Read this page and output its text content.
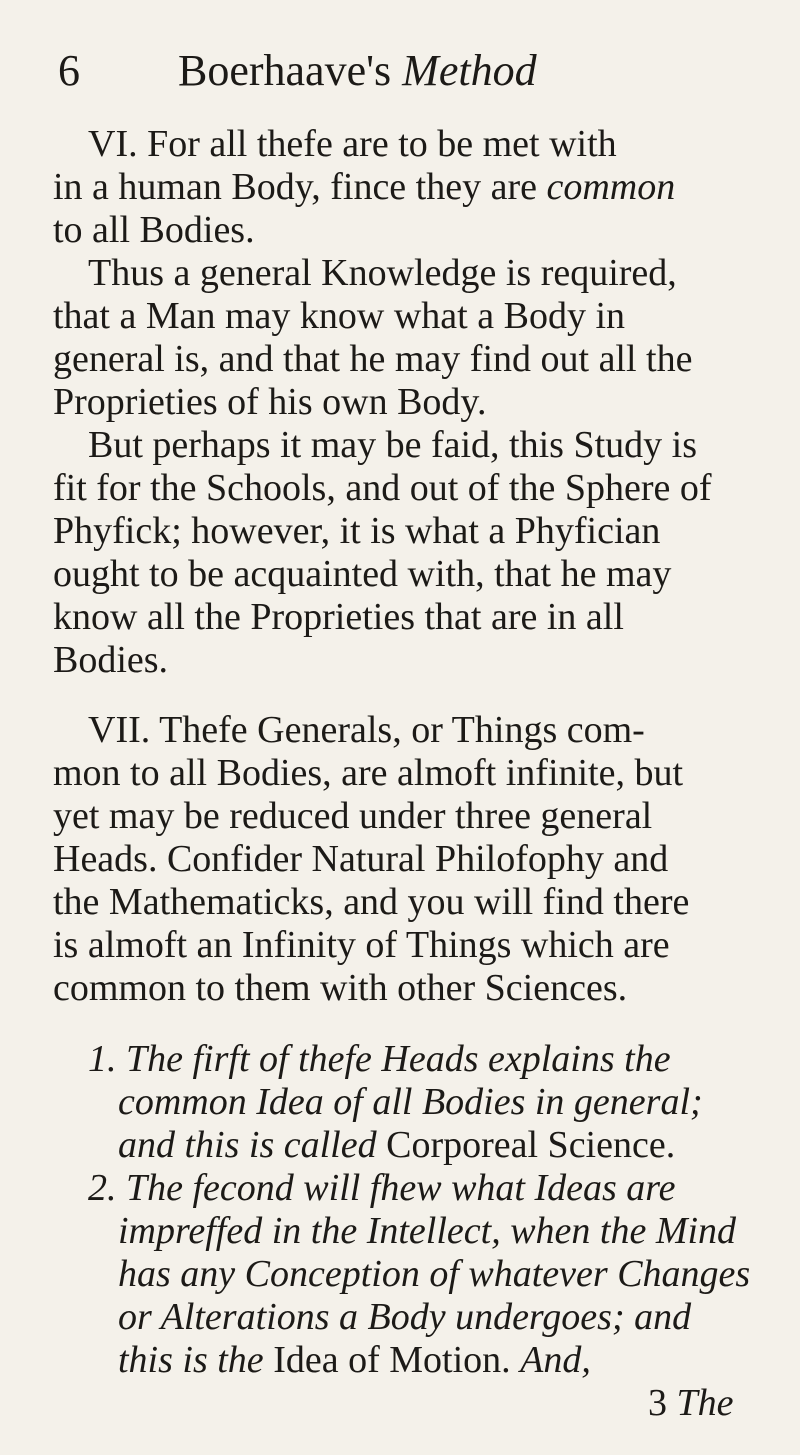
6 Boerhaave's Method
VI. For all thefe are to be met with
in a human Body, fince they are common
to all Bodies.
Thus a general Knowledge is required,
that a Man may know what a Body in
general is, and that he may find out all the
Proprieties of his own Body.
But perhaps it may be faid, this Study is
fit for the Schools, and out of the Sphere of
Phyfick; however, it is what a Phyfician
ought to be acquainted with, that he may
know all the Proprieties that are in all
Bodies.
VII. Thefe Generals, or Things com-
mon to all Bodies, are almoft infinite, but
yet may be reduced under three general
Heads. Confider Natural Philofophy and
the Mathematicks, and you will find there
is almoft an Infinity of Things which are
common to them with other Sciences.
1. The firft of thefe Heads explains the
common Idea of all Bodies in general;
and this is called Corporeal Science.
2. The fecond will fhew what Ideas are
impreffed in the Intellect, when the Mind
has any Conception of whatever Changes
or Alterations a Body undergoes; and
this is the Idea of Motion. And,
3 The
